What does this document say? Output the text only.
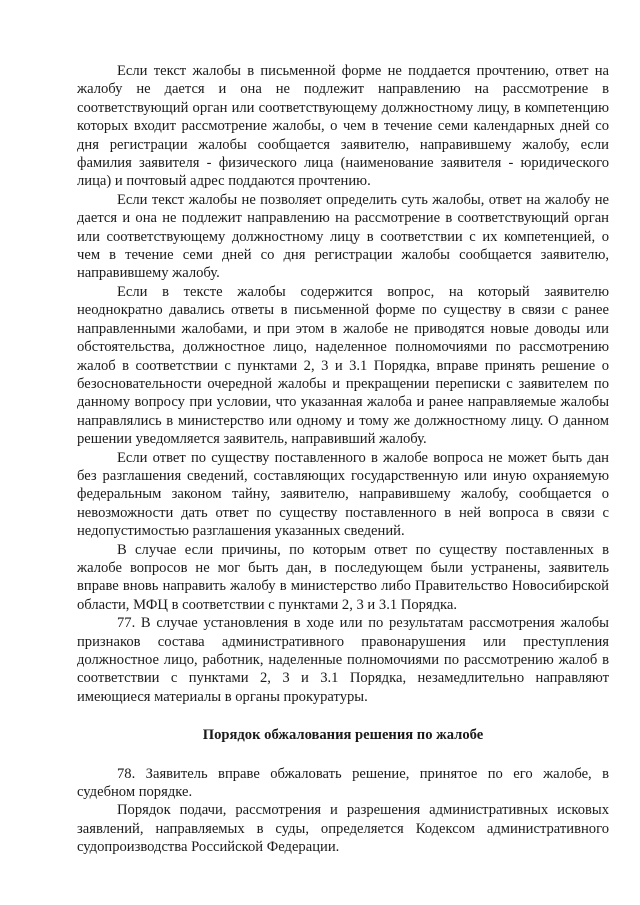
Если текст жалобы в письменной форме не поддается прочтению, ответ на жалобу не дается и она не подлежит направлению на рассмотрение в соответствующий орган или соответствующему должностному лицу, в компетенцию которых входит рассмотрение жалобы, о чем в течение семи календарных дней со дня регистрации жалобы сообщается заявителю, направившему жалобу, если фамилия заявителя - физического лица (наименование заявителя - юридического лица) и почтовый адрес поддаются прочтению.

Если текст жалобы не позволяет определить суть жалобы, ответ на жалобу не дается и она не подлежит направлению на рассмотрение в соответствующий орган или соответствующему должностному лицу в соответствии с их компетенцией, о чем в течение семи дней со дня регистрации жалобы сообщается заявителю, направившему жалобу.

Если в тексте жалобы содержится вопрос, на который заявителю неоднократно давались ответы в письменной форме по существу в связи с ранее направленными жалобами, и при этом в жалобе не приводятся новые доводы или обстоятельства, должностное лицо, наделенное полномочиями по рассмотрению жалоб в соответствии с пунктами 2, 3 и 3.1 Порядка, вправе принять решение о безосновательности очередной жалобы и прекращении переписки с заявителем по данному вопросу при условии, что указанная жалоба и ранее направляемые жалобы направлялись в министерство или одному и тому же должностному лицу. О данном решении уведомляется заявитель, направивший жалобу.

Если ответ по существу поставленного в жалобе вопроса не может быть дан без разглашения сведений, составляющих государственную или иную охраняемую федеральным законом тайну, заявителю, направившему жалобу, сообщается о невозможности дать ответ по существу поставленного в ней вопроса в связи с недопустимостью разглашения указанных сведений.

В случае если причины, по которым ответ по существу поставленных в жалобе вопросов не мог быть дан, в последующем были устранены, заявитель вправе вновь направить жалобу в министерство либо Правительство Новосибирской области, МФЦ в соответствии с пунктами 2, 3 и 3.1 Порядка.

77. В случае установления в ходе или по результатам рассмотрения жалобы признаков состава административного правонарушения или преступления должностное лицо, работник, наделенные полномочиями по рассмотрению жалоб в соответствии с пунктами 2, 3 и 3.1 Порядка, незамедлительно направляют имеющиеся материалы в органы прокуратуры.

Порядок обжалования решения по жалобе

78. Заявитель вправе обжаловать решение, принятое по его жалобе, в судебном порядке.

Порядок подачи, рассмотрения и разрешения административных исковых заявлений, направляемых в суды, определяется Кодексом административного судопроизводства Российской Федерации.
